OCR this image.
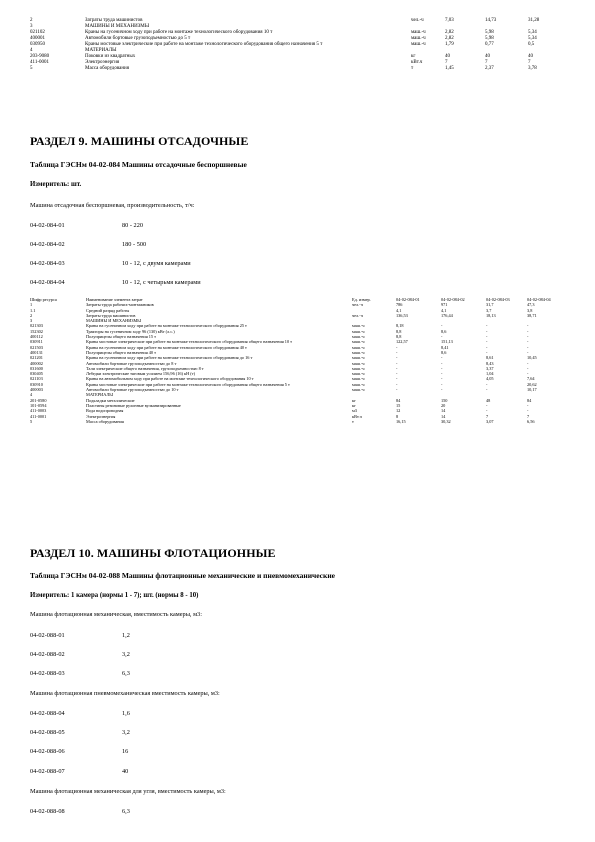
2	Затраты труда машинистов	чел.-ч	7,03	14,73	31,28
3	МАШИНЫ И МЕХАНИЗМЫ				
021102	Краны на гусеничном ходу при работе на монтаже технологического оборудования 10 т	маш.-ч	2,82	5,98	5,34
400001	Автомобили бортовые грузоподъемностью до 5 т	маш.-ч	2,82	5,98	5,34
030950	Краны мостовые электрические при работе на монтаже технологического оборудования общего назначения 5 т	маш.-ч	1,79	0,77	0,5
4	МАТЕРИАЛЫ				
203-9080	Поковки из квадратных	кг	40	40	40
411-0001	Электроэнергия	кВт.ч	7	7	7
5	Масса оборудования	т	1,45	2,37	3,78
РАЗДЕЛ 9. МАШИНЫ ОТСАДОЧНЫЕ
Таблица ГЭСНм 04-02-084 Машины отсадочные беспоршневые
Измеритель: шт.
Машина отсадочная беспоршневая, производительность, т/ч:
04-02-084-01	80 - 220
04-02-084-02	180 - 500
04-02-084-03	10 - 12, с двумя камерами
04-02-084-04	10 - 12, с четырьмя камерами
Шифр ресурса	Наименование элемента затрат	Ед. измер.	04-02-084-01	04-02-084-02	04-02-084-03	04-02-084-04
1	Затраты труда рабочих-монтажников	чел.-ч	786	971	31,7	47,3
1.1	Средний разряд работы		4,1	4,1	3,7	3,8
2	Затраты труда машинистов	чел.-ч	136,53	176,44	18,13	38,71
3	МАШИНЫ И МЕХАНИЗМЫ					
021303	Краны на гусеничном ходу при работе на монтаже технологического оборудования 25 т	маш.-ч	8,18	-	-	-
152302	Тракторы на гусеничном ходу 96 (130) кВт (л.с.)	маш.-ч	8,8	8,6	-	-
400112	Полуприцепы общего назначения 15 т	маш.-ч	8,8	-	-	-
030911	Краны мостовые электрические при работе на монтаже технологического оборудования общего назначения 10 т	маш.-ч	122,57	151,13	-	-
021503	Краны на гусеничном ходу при работе на монтаже технологического оборудования 40 т	маш.-ч	-	8,41	-	-
400131	Полуприцепы общего назначения 40 т	маш.-ч	-	8,6	-	-
021201	Краны на гусеничном ходу при работе на монтаже технологического оборудования до 16 т	маш.-ч	-	-	8,61	10,45
400002	Автомобили бортовые грузоподъемностью до 8 т	маш.-ч	-	-	8,43	-
031600	Тали электрические общего назначения, грузоподъемностью 8 т	маш.-ч	-	-	3,37	-
030405	Лебедки электрические тяговым усилием 156,96 (16) кН (т)	маш.-ч	-	-	1,04	-
021103	Краны на автомобильном ходу при работе на монтаже технологического оборудования 10 т	маш.-ч	-	-	4,05	7,64
030910	Краны мостовые электрические при работе на монтаже технологического оборудования общего назначения 5 т	маш.-ч	-	-	-	20,62
400003	Автомобили бортовые грузоподъемностью до 10 т	маш.-ч	-	-	-	10,17
4	МАТЕРИАЛЫ					
201-0580	Подкладки металлические	кг	84	150	48	84
101-0594	Пластины резиновые рулонные вулканизированные	кг	15	20	-	-
411-0003	Вода водопроводная	м3	12	14	-	-
411-0001	Электроэнергия	кВт.ч	8	14	7	7
5	Масса оборудования	т	16,15	30,32	3,07	6,56
РАЗДЕЛ 10. МАШИНЫ ФЛОТАЦИОННЫЕ
Таблица ГЭСНм 04-02-088 Машины флотационные механические и пневмомеханические
Измеритель: 1 камера (нормы 1 - 7); шт. (нормы 8 - 10)
Машина флотационная механическая, вместимость камеры, м3:
04-02-088-01	1,2
04-02-088-02	3,2
04-02-088-03	6,3
Машина флотационная пневмомеханическая вместимость камеры, м3:
04-02-088-04	1,6
04-02-088-05	3,2
04-02-088-06	16
04-02-088-07	40
Машина флотационная механическая для угля, вместимость камеры, м3:
04-02-088-08	6,3
